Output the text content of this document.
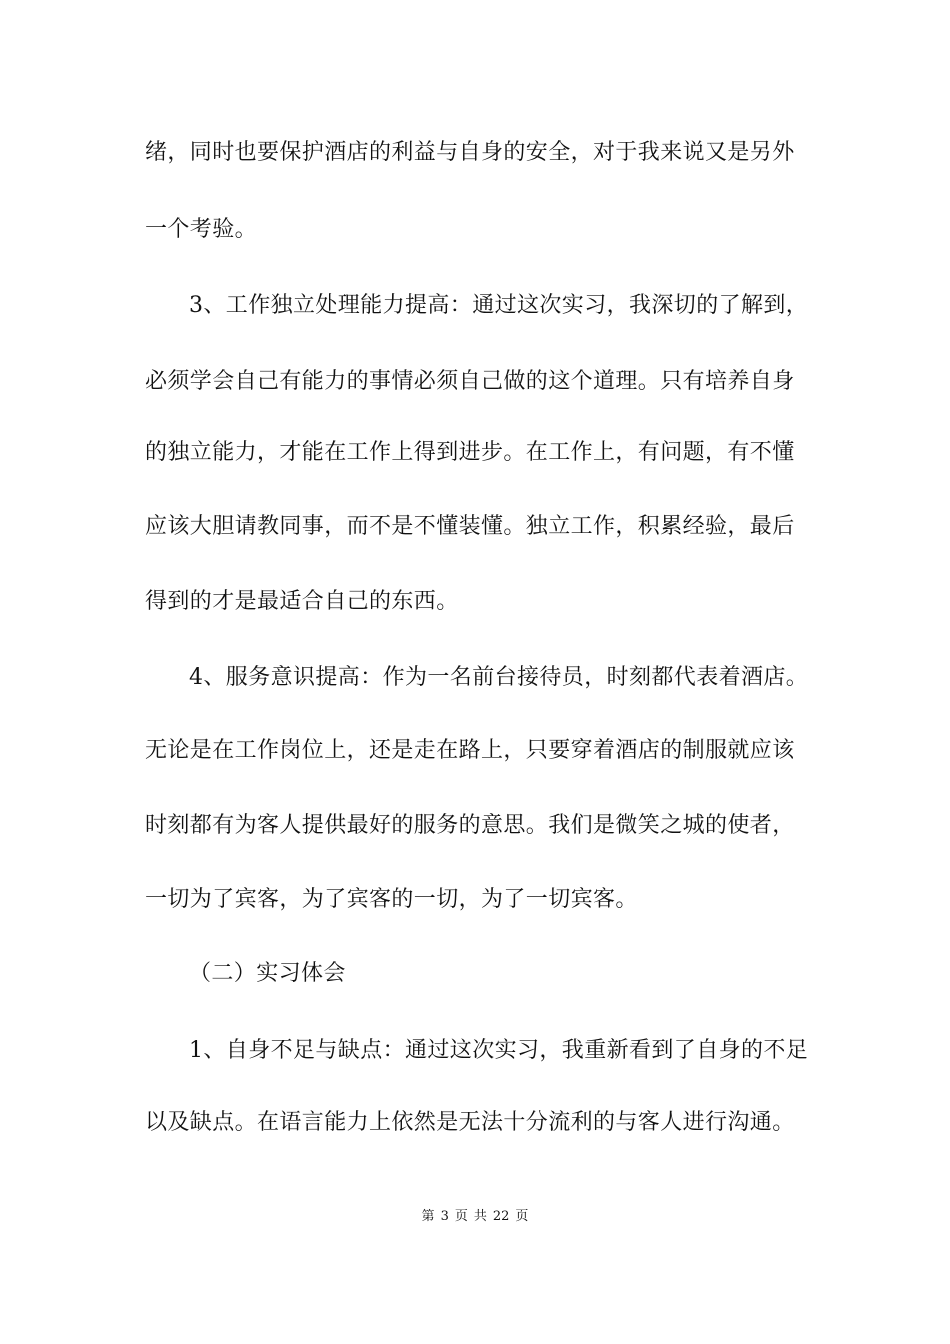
绪，同时也要保护酒店的利益与自身的安全，对于我来说又是另外
一个考验。
3、工作独立处理能力提高：通过这次实习，我深切的了解到，
必须学会自己有能力的事情必须自己做的这个道理。只有培养自身
的独立能力，才能在工作上得到进步。在工作上，有问题，有不懂
应该大胆请教同事，而不是不懂装懂。独立工作，积累经验，最后
得到的才是最适合自己的东西。
4、服务意识提高：作为一名前台接待员，时刻都代表着酒店。
无论是在工作岗位上，还是走在路上，只要穿着酒店的制服就应该
时刻都有为客人提供最好的服务的意思。我们是微笑之城的使者，
一切为了宾客，为了宾客的一切，为了一切宾客。
（二）实习体会
1、自身不足与缺点：通过这次实习，我重新看到了自身的不足
以及缺点。在语言能力上依然是无法十分流利的与客人进行沟通。
第 3 页 共 22 页
